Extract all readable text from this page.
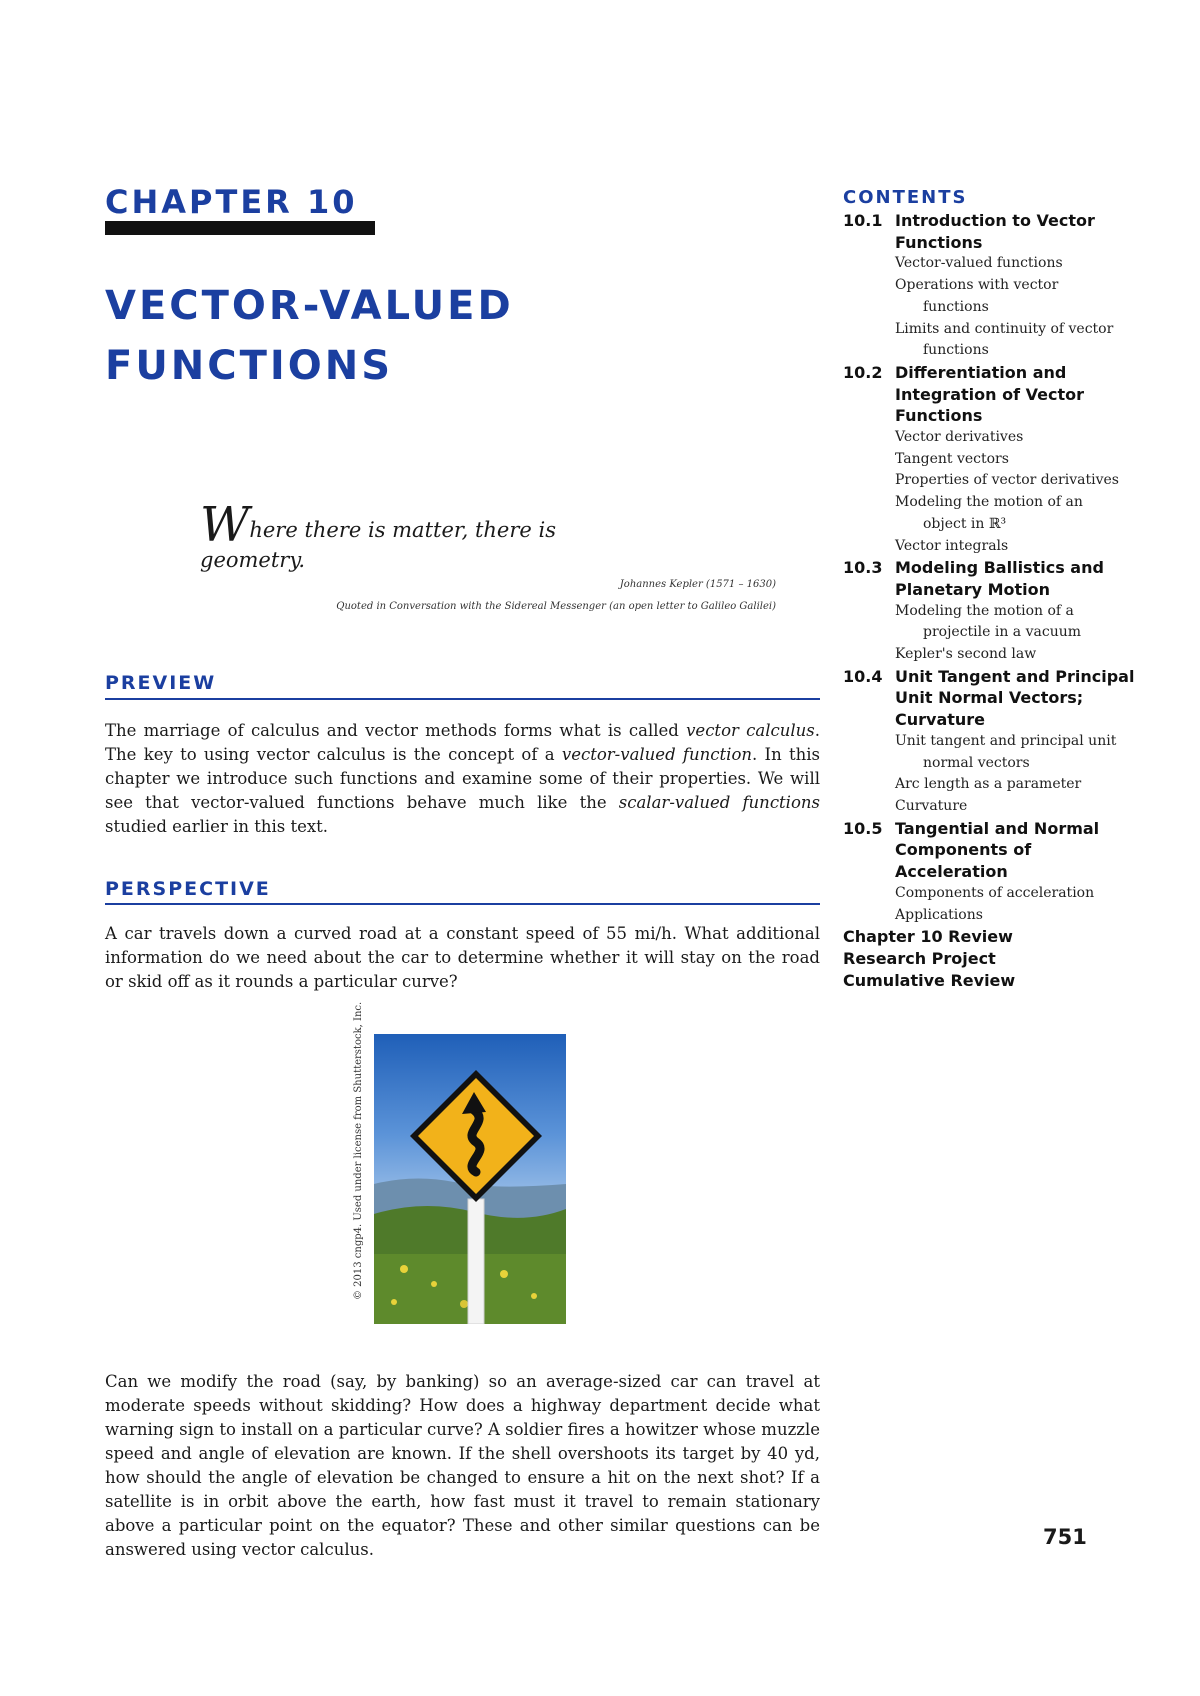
CHAPTER 10
VECTOR-VALUED
FUNCTIONS
Where there is matter, there is geometry.
Johannes Kepler (1571 – 1630)
Quoted in Conversation with the Sidereal Messenger (an open letter to Galileo Galilei)
PREVIEW
The marriage of calculus and vector methods forms what is called vector calculus. The key to using vector calculus is the concept of a vector-valued function. In this chapter we introduce such functions and examine some of their properties. We will see that vector-valued functions behave much like the scalar-valued functions studied earlier in this text.
PERSPECTIVE
A car travels down a curved road at a constant speed of 55 mi/h. What additional information do we need about the car to determine whether it will stay on the road or skid off as it rounds a particular curve?
© 2013 cngp4. Used under license from Shutterstock, Inc.
Can we modify the road (say, by banking) so an average-sized car can travel at moderate speeds without skidding? How does a highway department decide what warning sign to install on a particular curve? A soldier fires a howitzer whose muzzle speed and angle of elevation are known. If the shell overshoots its target by 40 yd, how should the angle of elevation be changed to ensure a hit on the next shot? If a satellite is in orbit above the earth, how fast must it travel to remain stationary above a particular point on the equator? These and other similar questions can be answered using vector calculus.
751
CONTENTS
10.1 Introduction to Vector
Functions
Vector-valued functions
Operations with vector
functions
Limits and continuity of vector
functions
10.2 Differentiation and
Integration of Vector
Functions
Vector derivatives
Tangent vectors
Properties of vector derivatives
Modeling the motion of an
object in ℝ³
Vector integrals
10.3 Modeling Ballistics and
Planetary Motion
Modeling the motion of a
projectile in a vacuum
Kepler's second law
10.4 Unit Tangent and Principal
Unit Normal Vectors;
Curvature
Unit tangent and principal unit
normal vectors
Arc length as a parameter
Curvature
10.5 Tangential and Normal
Components of
Acceleration
Components of acceleration
Applications
Chapter 10 Review
Research Project
Cumulative Review
